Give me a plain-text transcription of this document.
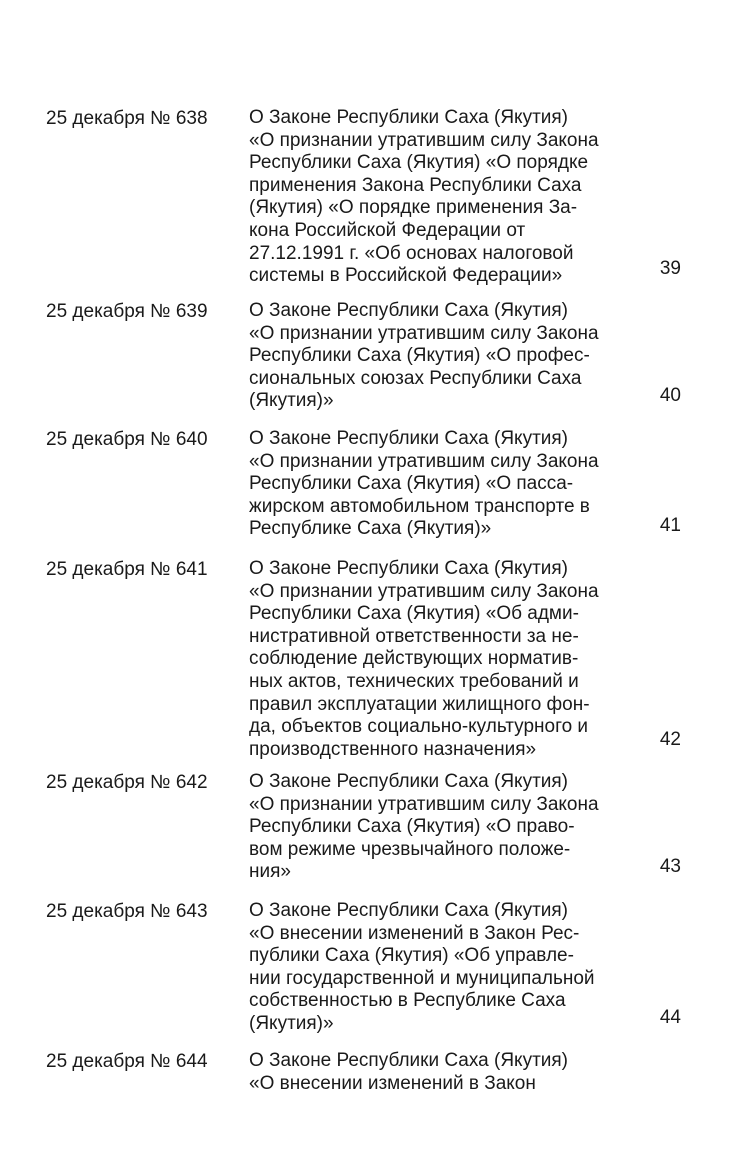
25 декабря № 638 О Законе Республики Саха (Якутия)
«О признании утратившим силу Закона
Республики Саха (Якутия) «О порядке
применения Закона Республики Саха
(Якутия) «О порядке применения За-
кона Российской Федерации от
27.12.1991 г. «Об основах налоговой
системы в Российской Федерации»	39
25 декабря № 639 О Законе Республики Саха (Якутия)
«О признании утратившим силу Закона
Республики Саха (Якутия) «О профес-
сиональных союзах Республики Саха
(Якутия)»	40
25 декабря № 640 О Законе Республики Саха (Якутия)
«О признании утратившим силу Закона
Республики Саха (Якутия) «О пасса-
жирском автомобильном транспорте в
Республике Саха (Якутия)»	41
25 декабря № 641 О Законе Республики Саха (Якутия)
«О признании утратившим силу Закона
Республики Саха (Якутия) «Об адми-
нистративной ответственности за не-
соблюдение действующих норматив-
ных актов, технических требований и
правил эксплуатации жилищного фон-
да, объектов социально-культурного и
производственного назначения»	42
25 декабря № 642 О Законе Республики Саха (Якутия)
«О признании утратившим силу Закона
Республики Саха (Якутия) «О право-
вом режиме чрезвычайного положе-
ния»	43
25 декабря № 643 О Законе Республики Саха (Якутия)
«О внесении изменений в Закон Рес-
публики Саха (Якутия) «Об управле-
нии государственной и муниципальной
собственностью в Республике Саха
(Якутия)»	44
25 декабря № 644 О Законе Республики Саха (Якутия)
«О внесении изменений в Закон
